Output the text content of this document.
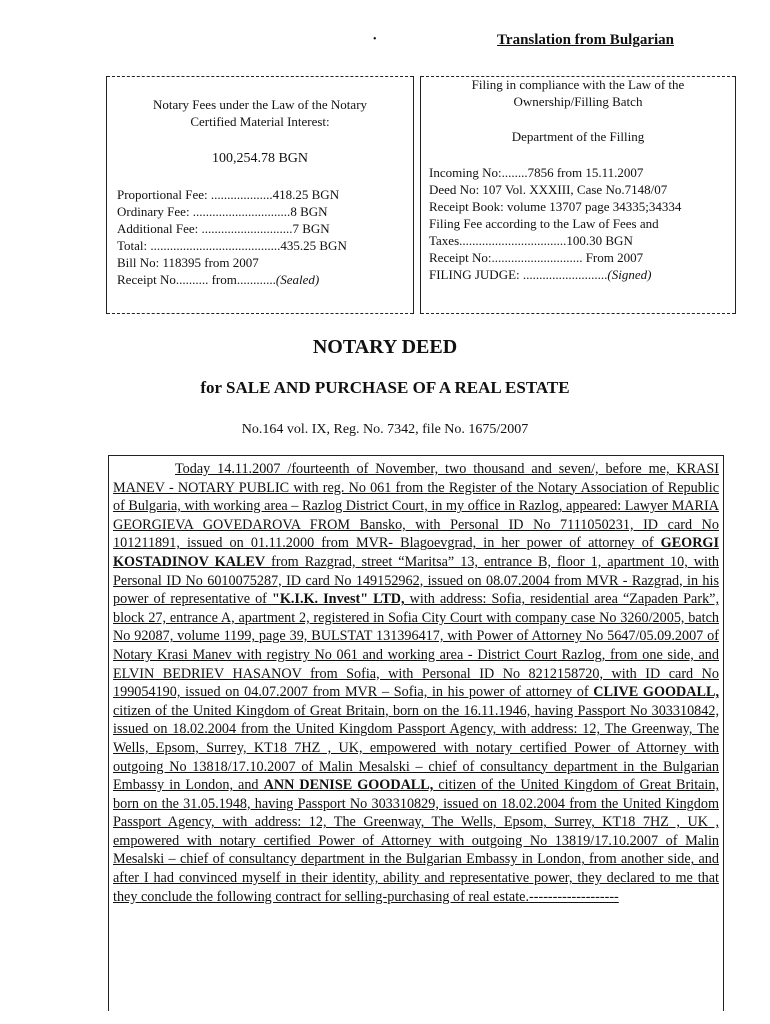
•	Translation from Bulgarian
Notary Fees under the Law of the Notary
Certified Material Interest:
100,254.78 BGN
Proportional Fee: ...................418.25 BGN
Ordinary Fee: ..............................8 BGN
Additional Fee: ............................7 BGN
Total: ........................................435.25 BGN
Bill No: 118395 from 2007
Receipt No.......... from............(Sealed)
Filing in compliance with the Law of the
Ownership/Filling Batch
Department of the Filling
Incoming No:........7856 from 15.11.2007
Deed No: 107 Vol. XXXIII, Case No.7148/07
Receipt Book: volume 13707 page 34335;34334
Filing Fee according to the Law of Fees and
Taxes.................................100.30 BGN
Receipt No:............................ From 2007
FILING JUDGE: ..........................(Signed)
NOTARY DEED
for SALE AND PURCHASE OF A REAL ESTATE
No.164 vol. IX, Reg. No. 7342, file No. 1675/2007

Today 14.11.2007 /fourteenth of November, two thousand and seven/, before me, KRASI MANEV - NOTARY PUBLIC with reg. No 061 from the Register of the Notary Association of Republic of Bulgaria, with working area – Razlog District Court, in my office in Razlog, appeared: Lawyer MARIA GEORGIEVA GOVEDAROVA FROM Bansko, with Personal ID No 7111050231, ID card No 101211891, issued on 01.11.2000 from MVR- Blagoevgrad, in her power of attorney of GEORGI KOSTADINOV KALEV from Razgrad, street “Maritsa” 13, entrance B, floor 1, apartment 10, with Personal ID No 6010075287, ID card No 149152962, issued on 08.07.2004 from MVR - Razgrad, in his power of representative of "K.I.K. Invest" LTD, with address: Sofia, residential area “Zapaden Park”, block 27, entrance A, apartment 2, registered in Sofia City Court with company case No 3260/2005, batch No 92087, volume 1199, page 39, BULSTAT 131396417, with Power of Attorney No 5647/05.09.2007 of Notary Krasi Manev with registry No 061 and working area - District Court Razlog, from one side, and ELVIN BEDRIEV HASANOV from Sofia, with Personal ID No 8212158720, with ID card No 199054190, issued on 04.07.2007 from MVR – Sofia, in his power of attorney of CLIVE GOODALL, citizen of the United Kingdom of Great Britain, born on the 16.11.1946, having Passport No 303310842, issued on 18.02.2004 from the United Kingdom Passport Agency, with address: 12, The Greenway, The Wells, Epsom, Surrey, KT18 7HZ , UK, empowered with notary certified Power of Attorney with outgoing No 13818/17.10.2007 of Malin Mesalski – chief of consultancy department in the Bulgarian Embassy in London, and ANN DENISE GOODALL, citizen of the United Kingdom of Great Britain, born on the 31.05.1948, having Passport No 303310829, issued on 18.02.2004 from the United Kingdom Passport Agency, with address: 12, The Greenway, The Wells, Epsom, Surrey, KT18 7HZ , UK , empowered with notary certified Power of Attorney with outgoing No 13819/17.10.2007 of Malin Mesalski – chief of consultancy department in the Bulgarian Embassy in London, from another side, and after I had convinced myself in their identity, ability and representative power, they declared to me that they conclude the following contract for selling-purchasing of real estate.-------------------
